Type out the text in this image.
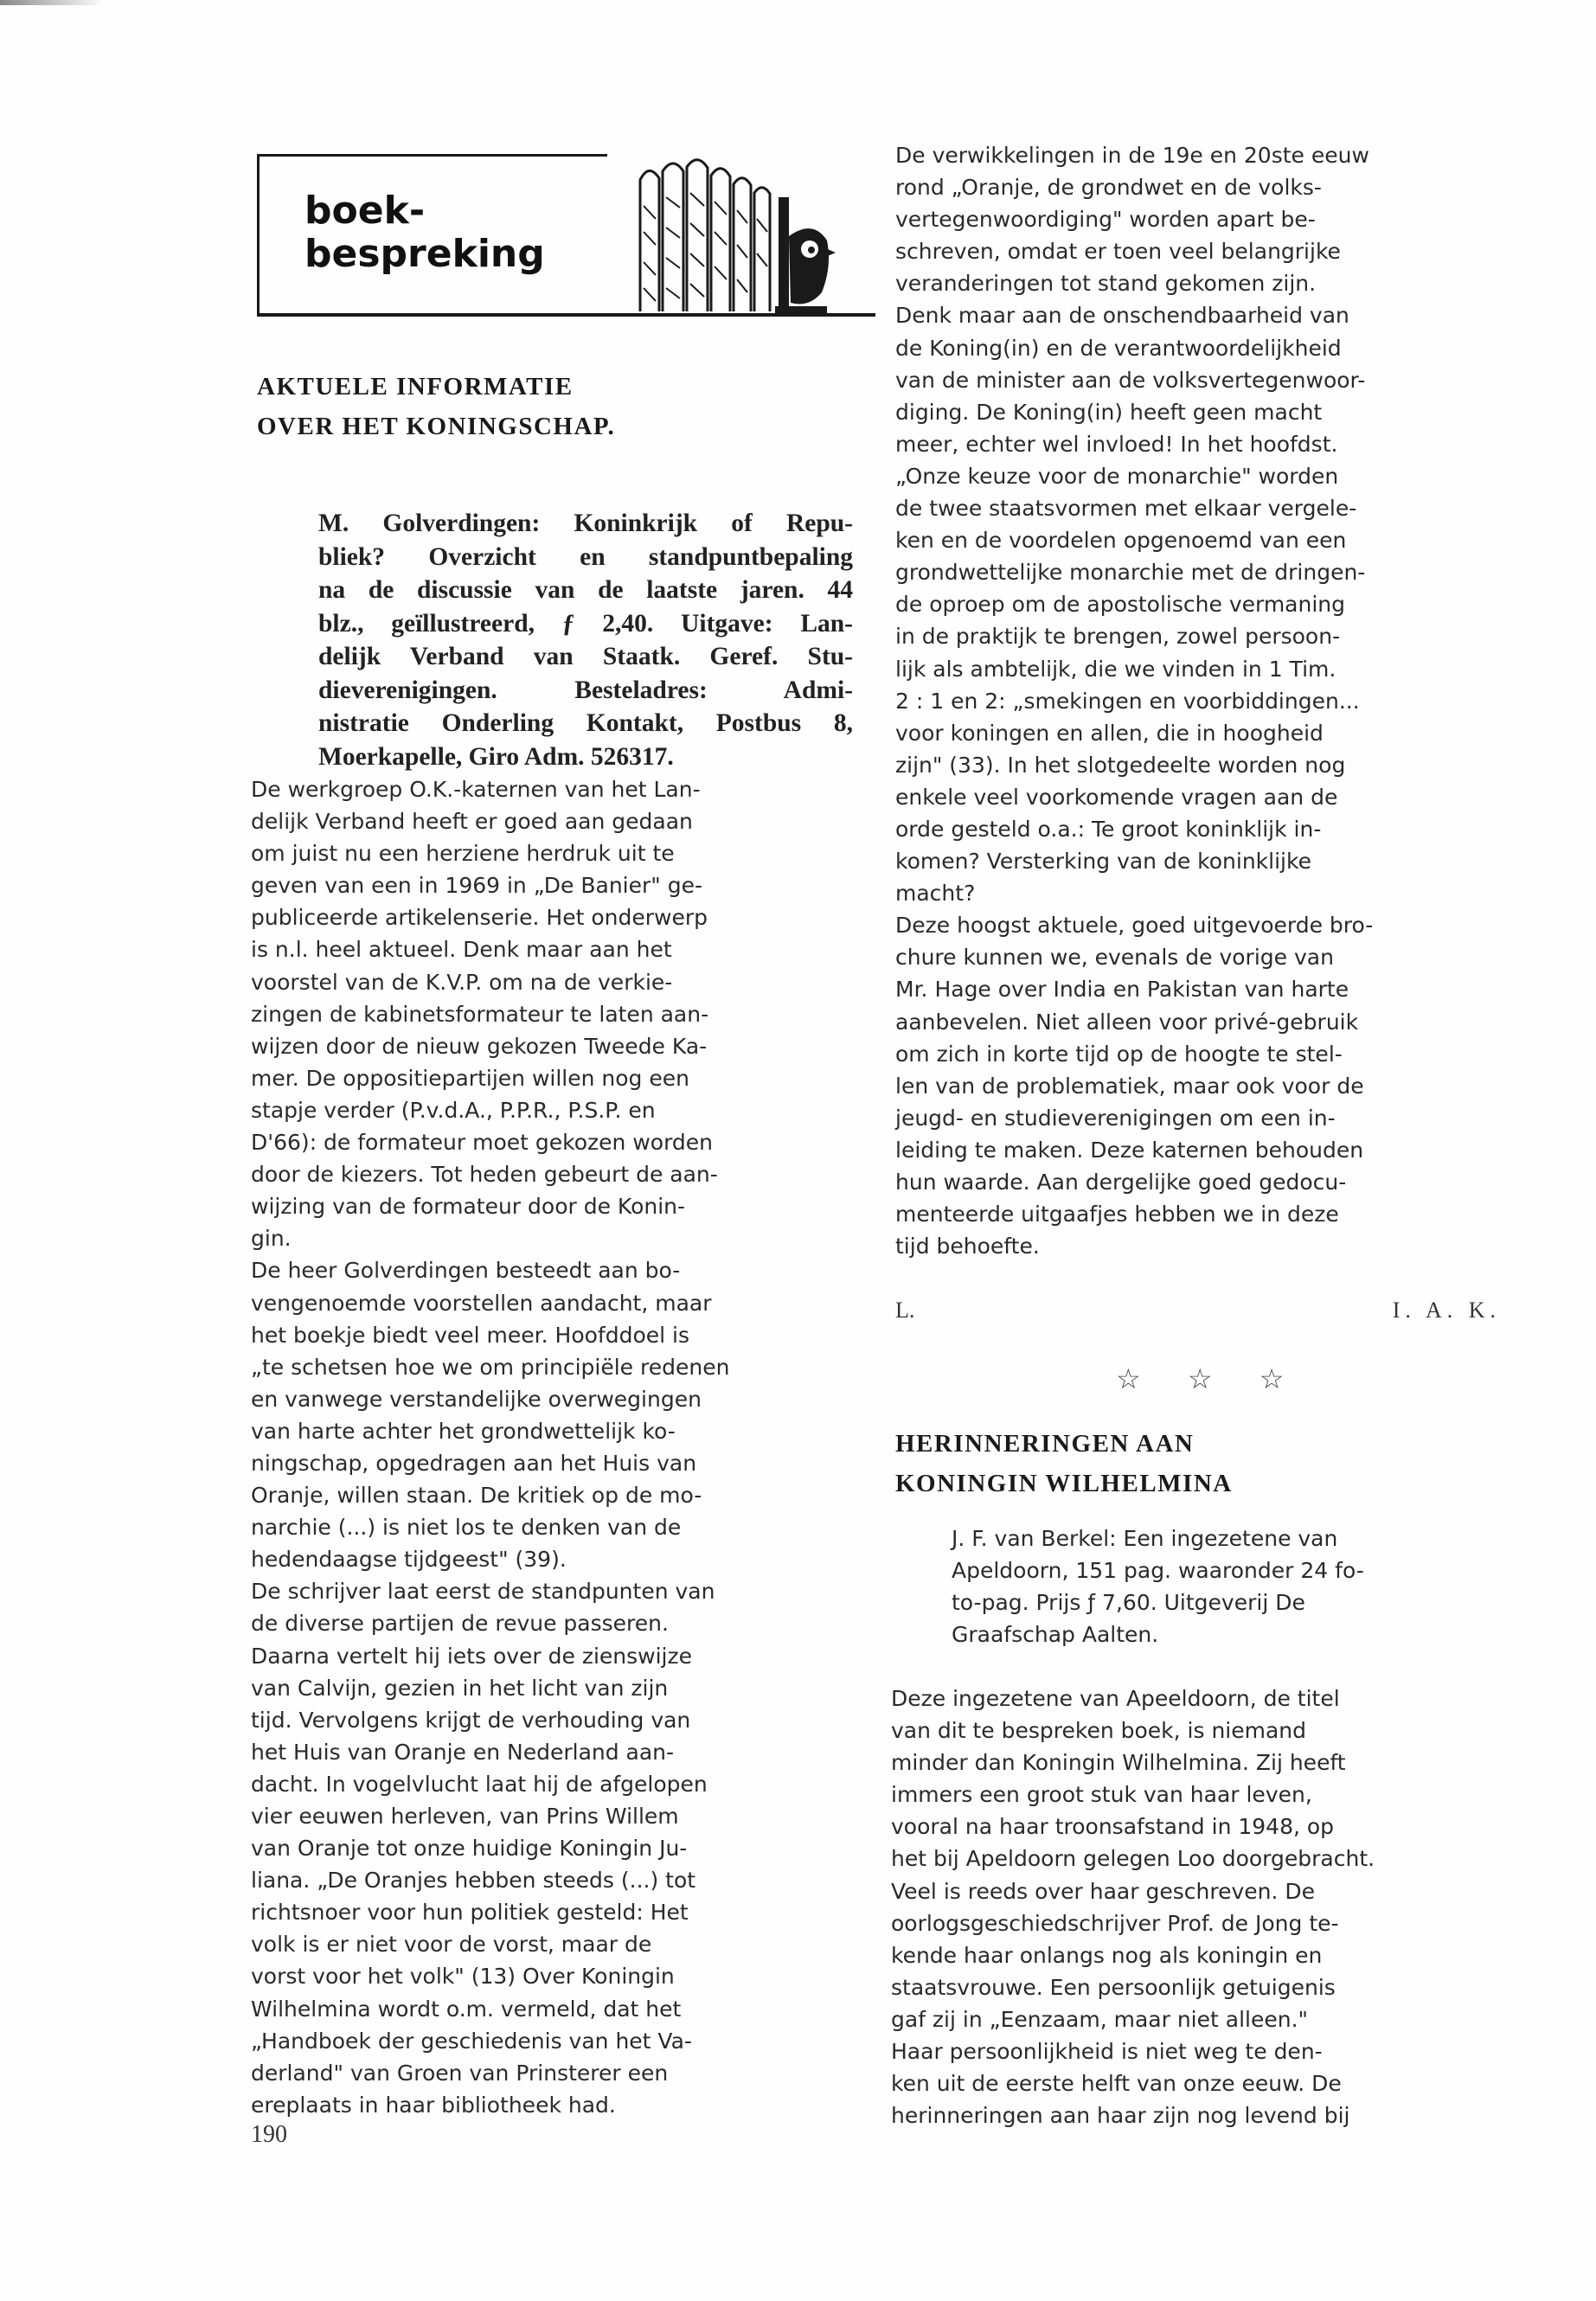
boek-
bespreking
AKTUELE INFORMATIE
OVER HET KONINGSCHAP.
M. Golverdingen: Koninkrijk of Repu-
bliek? Overzicht en standpuntbepaling
na de discussie van de laatste jaren. 44
blz., geïllustreerd, ƒ 2,40. Uitgave: Lan-
delijk Verband van Staatk. Geref. Stu-
dieverenigingen. Besteladres: Admi-
nistratie Onderling Kontakt, Postbus 8,
Moerkapelle, Giro Adm. 526317.
De werkgroep O.K.-katernen van het Lan-
delijk Verband heeft er goed aan gedaan
om juist nu een herziene herdruk uit te
geven van een in 1969 in „De Banier" ge-
publiceerde artikelenserie. Het onderwerp
is n.l. heel aktueel. Denk maar aan het
voorstel van de K.V.P. om na de verkie-
zingen de kabinetsformateur te laten aan-
wijzen door de nieuw gekozen Tweede Ka-
mer. De oppositiepartijen willen nog een
stapje verder (P.v.d.A., P.P.R., P.S.P. en
D'66): de formateur moet gekozen worden
door de kiezers. Tot heden gebeurt de aan-
wijzing van de formateur door de Konin-
gin.
De heer Golverdingen besteedt aan bo-
vengenoemde voorstellen aandacht, maar
het boekje biedt veel meer. Hoofddoel is
„te schetsen hoe we om principiële redenen
en vanwege verstandelijke overwegingen
van harte achter het grondwettelijk ko-
ningschap, opgedragen aan het Huis van
Oranje, willen staan. De kritiek op de mo-
narchie (...) is niet los te denken van de
hedendaagse tijdgeest" (39).
De schrijver laat eerst de standpunten van
de diverse partijen de revue passeren.
Daarna vertelt hij iets over de zienswijze
van Calvijn, gezien in het licht van zijn
tijd. Vervolgens krijgt de verhouding van
het Huis van Oranje en Nederland aan-
dacht. In vogelvlucht laat hij de afgelopen
vier eeuwen herleven, van Prins Willem
van Oranje tot onze huidige Koningin Ju-
liana. „De Oranjes hebben steeds (...) tot
richtsnoer voor hun politiek gesteld: Het
volk is er niet voor de vorst, maar de
vorst voor het volk" (13) Over Koningin
Wilhelmina wordt o.m. vermeld, dat het
„Handboek der geschiedenis van het Va-
derland" van Groen van Prinsterer een
ereplaats in haar bibliotheek had.
190
De verwikkelingen in de 19e en 20ste eeuw
rond „Oranje, de grondwet en de volks-
vertegenwoordiging" worden apart be-
schreven, omdat er toen veel belangrijke
veranderingen tot stand gekomen zijn.
Denk maar aan de onschendbaarheid van
de Koning(in) en de verantwoordelijkheid
van de minister aan de volksvertegenwoor-
diging. De Koning(in) heeft geen macht
meer, echter wel invloed! In het hoofdst.
„Onze keuze voor de monarchie" worden
de twee staatsvormen met elkaar vergele-
ken en de voordelen opgenoemd van een
grondwettelijke monarchie met de dringen-
de oproep om de apostolische vermaning
in de praktijk te brengen, zowel persoon-
lijk als ambtelijk, die we vinden in 1 Tim.
2 : 1 en 2: „smekingen en voorbiddingen...
voor koningen en allen, die in hoogheid
zijn" (33). In het slotgedeelte worden nog
enkele veel voorkomende vragen aan de
orde gesteld o.a.: Te groot koninklijk in-
komen? Versterking van de koninklijke
macht?
Deze hoogst aktuele, goed uitgevoerde bro-
chure kunnen we, evenals de vorige van
Mr. Hage over India en Pakistan van harte
aanbevelen. Niet alleen voor privé-gebruik
om zich in korte tijd op de hoogte te stel-
len van de problematiek, maar ook voor de
jeugd- en studieverenigingen om een in-
leiding te maken. Deze katernen behouden
hun waarde. Aan dergelijke goed gedocu-
menteerde uitgaafjes hebben we in deze
tijd behoefte.
L.	I. A. K.
☆ ☆ ☆
HERINNERINGEN AAN
KONINGIN WILHELMINA
J. F. van Berkel: Een ingezetene van
Apeldoorn, 151 pag. waaronder 24 fo-
to-pag. Prijs ƒ 7,60. Uitgeverij De
Graafschap Aalten.
Deze ingezetene van Apeeldoorn, de titel
van dit te bespreken boek, is niemand
minder dan Koningin Wilhelmina. Zij heeft
immers een groot stuk van haar leven,
vooral na haar troonsafstand in 1948, op
het bij Apeldoorn gelegen Loo doorgebracht.
Veel is reeds over haar geschreven. De
oorlogsgeschiedschrijver Prof. de Jong te-
kende haar onlangs nog als koningin en
staatsvrouwe. Een persoonlijk getuigenis
gaf zij in „Eenzaam, maar niet alleen."
Haar persoonlijkheid is niet weg te den-
ken uit de eerste helft van onze eeuw. De
herinneringen aan haar zijn nog levend bij
